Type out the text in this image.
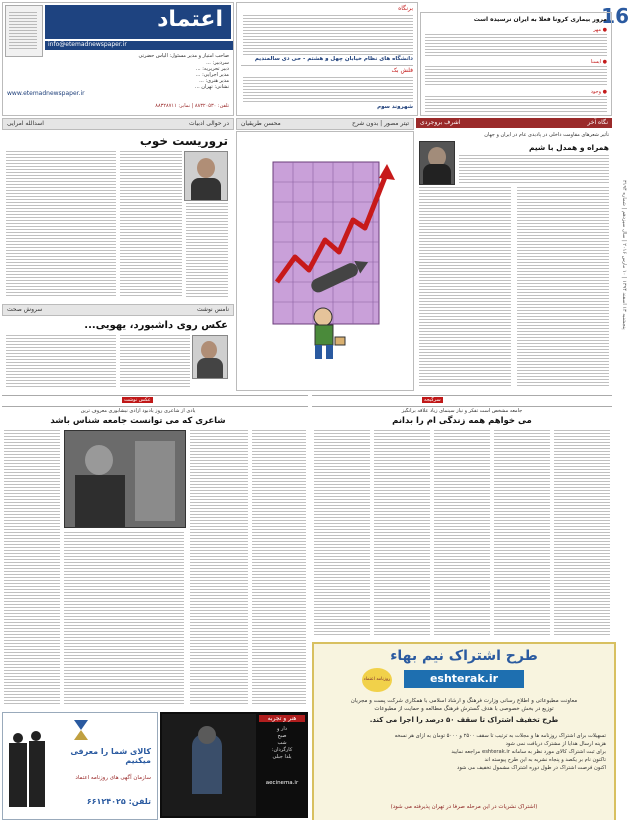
16
پنجشنبه ۱۳ اسفند ۱۳۹۴ | ۱۰ مارس ۲۰۱۶ | سال سیزدهم | شماره ۳۱۹۴
اعتماد
info@etemadnewspaper.ir
صاحب امتیاز و مدیر مسئول: الیاس حضرتی
سردبیر: ...
دبیر تحریریه: ...
مدیر اجرایی: ...
مدیر هنری: ...
نشانی: تهران ...
www.etemadnewspaper.ir
تلفن: ۸۸۳۲۰۵۳۰ | نمابر: ۸۸۳۲۸۷۱۱
برنگاه
دانشگاه های نظام خیابان چهل و هشتم - حی دی سالمندیم
فلش بک
شهروند سوم
مرور بیماری کرونا فعلا به ایران نرسیده است
● مهر
● ایسنا
● وجود
نگاه آخر
اشرف بروجردی
تیتر مصور | بدون شرح
محسن طریقیان
در حوالی ادبیات
اسدالله امرایی
تأثیر شعرهای مقاومت داخلی در پادیدی عام در ایران و جهان
همراه و همدل با شیم
تروریست خوب
نامس نوشت
سروش صحت
عکس روی داشبورد، یهویی...
سرگیجه
عکس نوشت
جامعه مشخص است تفکر و نیاز سینمای زیاد علاقه برانگیز
می خواهم همه زندگی ام را بدانم
یادی از شاعری روز یادبود آزادی نیشابوری معروف ترین
شاعری که می توانست جامعه شناس باشد
طرح اشتراک نیم بهاء
روزنامه اعتماد	eshterak.ir
معاونت مطبوعاتی و اطلاع رسانی وزارت فرهنگ و ارشاد اسلامی با همکاری شرکت پست و مجریان
توزیع در بخش خصوصی با هدف گسترش فرهنگ مطالعه و حمایت از مطبوعات
طرح تخفیف اشتراک تا سقف ۵۰ درصد را اجرا می کند.
تسهیلات برای اشتراک روزنامه ها و مجلات به ترتیب تا سقف ۲۵۰۰ و ۵۰۰۰ تومان به ازای هر نسخه
هزینه ارسال هدایا از مشترک دریافت نمی شود
برای ثبت اشتراک کالای مورد نظر به سامانه eshterak.ir مراجعه نمایید
تاکنون نام بر یکصد و پنجاه نشریه به این طرح پیوسته اند
اکنون فرصت اشتراک در طول دوره اشتراک مشمول تخفیف می شود
(اشتراک نشریات در این مرحله صرفا در تهران پذیرفته می شود)
هنر و تجربه
دار و
صبح
شب
کارگردان:
یلدا جبلی
aecinema.ir
کالای شما را معرفی میکنیم
سازمان آگهی های روزنامه اعتماد
تلفن: ۶۶۱۲۴۰۲۵
